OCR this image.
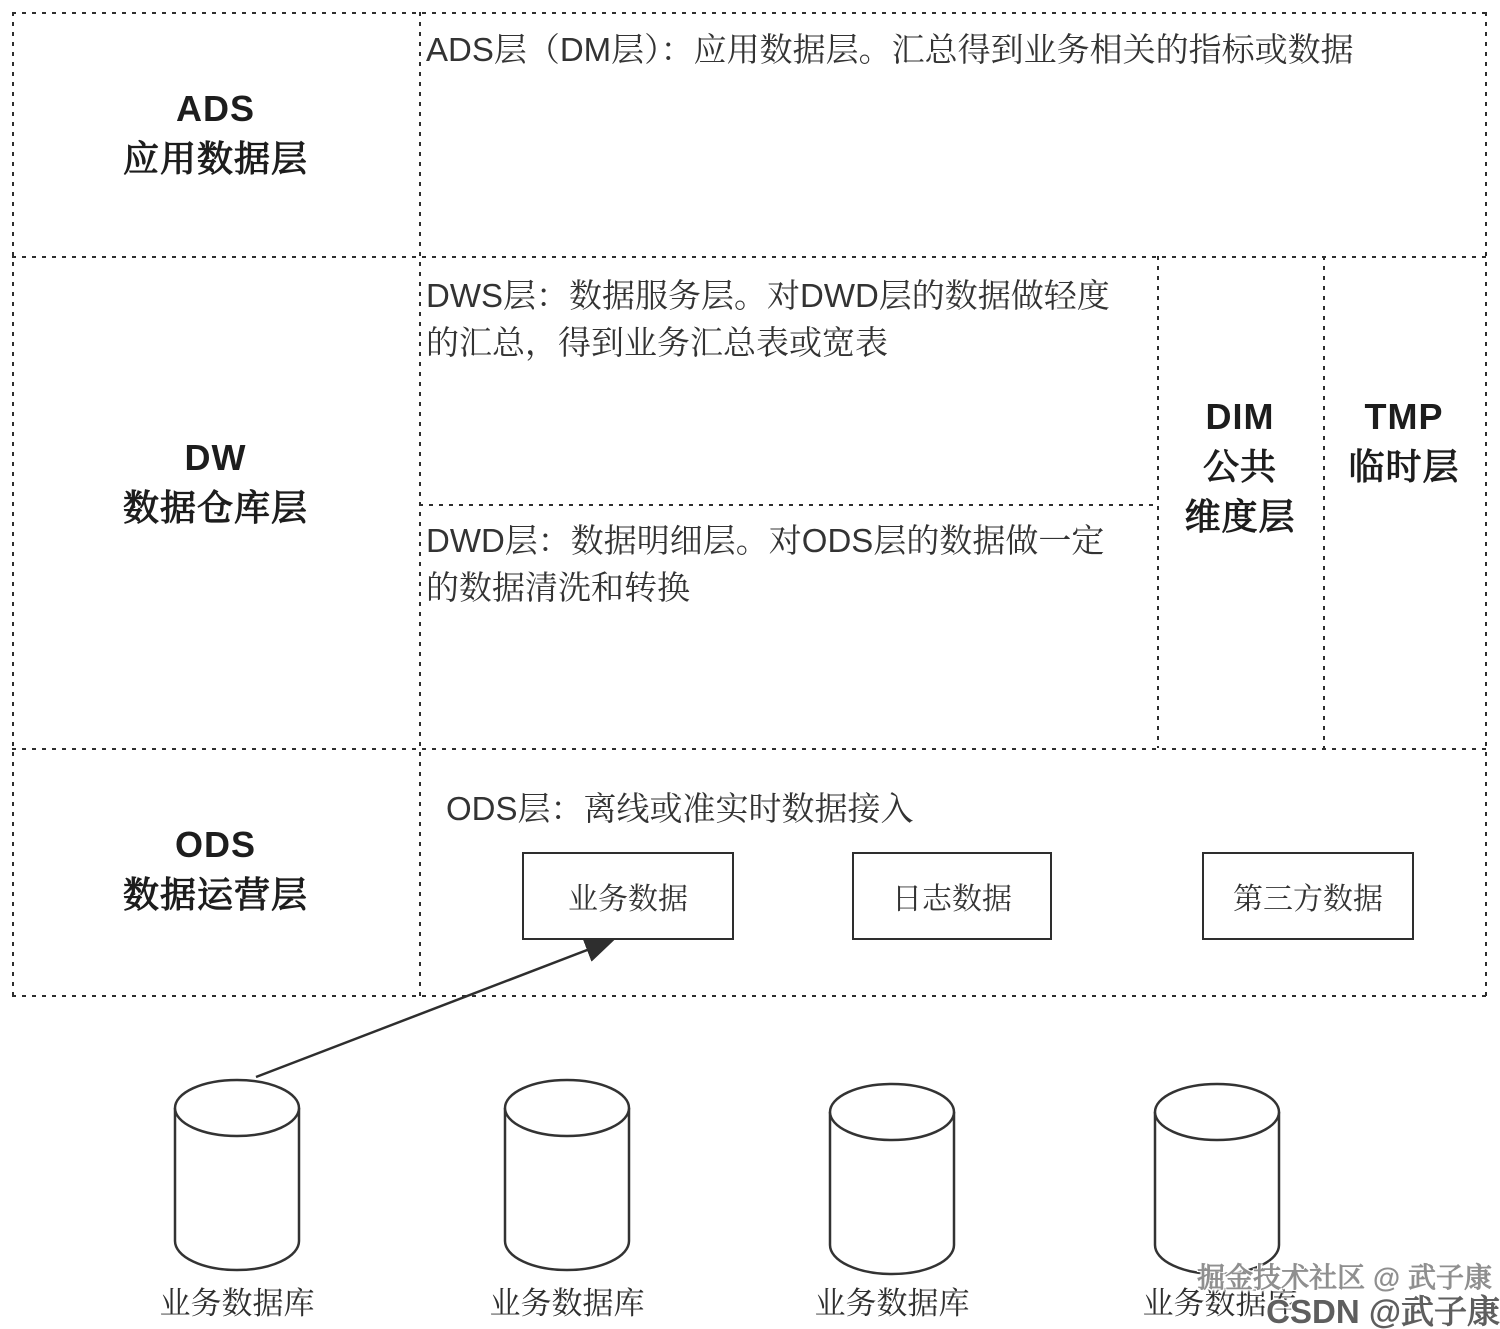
ADS
应用数据层
DW
数据仓库层
ODS
数据运营层
DIM
公共
维度层
TMP
临时层
ADS层（DM层）：应用数据层。汇总得到业务相关的指标或数据
DWS层：数据服务层。对DWD层的数据做轻度的汇总，得到业务汇总表或宽表
DWD层：数据明细层。对ODS层的数据做一定的数据清洗和转换
ODS层：离线或准实时数据接入
业务数据	日志数据	第三方数据
业务数据库	业务数据库	业务数据库	业务数据库
掘金技术社区 @ 武子康
CSDN @武子康
